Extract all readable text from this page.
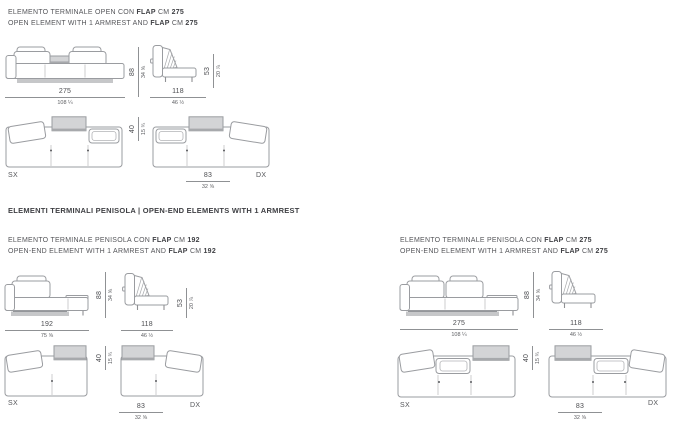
ELEMENTO TERMINALE OPEN CON FLAP CM 275
OPEN ELEMENT WITH 1 ARMREST AND FLAP CM 275
275
108 ¼
88 34 ⅝	53 20 ⅞
118
46 ½
40 15 ¾
83
32 ⅝
SX	DX
ELEMENTI TERMINALI PENISOLA | OPEN-END ELEMENTS WITH 1 ARMREST
ELEMENTO TERMINALE PENISOLA CON FLAP CM 192
OPEN-END ELEMENT WITH 1 ARMREST AND FLAP CM 192
192
75 ⅝
88 34 ⅝
53 20 ⅞
118
46 ½
40 15 ¾
83
32 ⅝
SX	DX
ELEMENTO TERMINALE PENISOLA CON FLAP CM 275
OPEN-END ELEMENT WITH 1 ARMREST AND FLAP CM 275
275
108 ¼
88 34 ⅝
118
46 ½
40 15 ¾
83
32 ⅝
SX	DX
